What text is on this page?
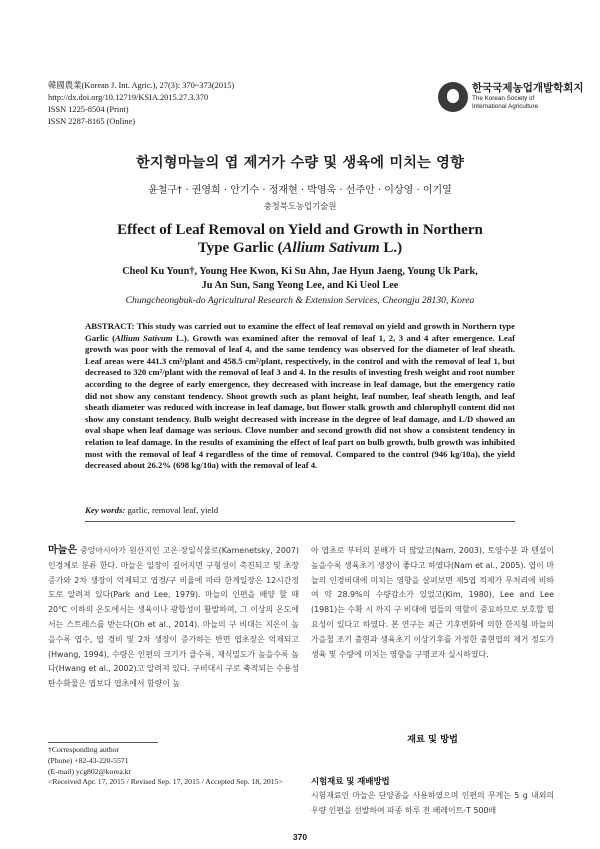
韓國農業(Korean J. Int. Agric.), 27(3): 370~373(2015)
http://dx.doi.org/10.12719/KSIA.2015.27.3.370
ISSN 1225-8504 (Print)
ISSN 2287-8165 (Online)
한국국제농업개발학회지
The Korean Society of International Agriculture
한지형마늘의 엽 제거가 수량 및 생육에 미치는 영향
윤철구† · 권영희 · 안기수 · 정재현 · 박영욱 · 선주안 · 이상영 · 이기열
충청북도농업기술원
Effect of Leaf Removal on Yield and Growth in Northern
Type Garlic (Allium Sativum L.)
Cheol Ku Youn†, Young Hee Kwon, Ki Su Ahn, Jae Hyun Jaeng, Young Uk Park,
Ju An Sun, Sang Yeong Lee, and Ki Ueol Lee
Chungcheongbuk-do Agricultural Research & Extension Services, Cheongju 28130, Korea
ABSTRACT: This study was carried out to examine the effect of leaf removal on yield and growth in Northern type Garlic (Allium Sativum L.). Growth was examined after the removal of leaf 1, 2, 3 and 4 after emergence. Leaf growth was poor with the removal of leaf 4, and the same tendency was observed for the diameter of leaf sheath. Leaf areas were 441.3 cm²/plant and 458.5 cm²/plant, respectively, in the control and with the removal of leaf 1, but decreased to 320 cm²/plant with the removal of leaf 3 and 4. In the results of investing fresh weight and root number according to the degree of early emergence, they decreased with increase in leaf damage, but the emergency ratio did not show any constant tendency. Shoot growth such as plant height, leaf number, leaf sheath length, and leaf sheath diameter was reduced with increase in leaf damage, but flower stalk growth and chlorophyll content did not show any constant tendency. Bulb weight decreased with increase in the degree of leaf damage, and L/D showed an oval shape when leaf damage was serious. Clove number and second growth did not show a consistent tendency in relation to leaf damage. In the results of examining the effect of leaf part on bulb growth, bulb growth was inhibited most with the removal of leaf 4 regardless of the time of removal. Compared to the control (946 kg/10a), the yield decreased about 26.2% (698 kg/10a) with the removal of leaf 4.
Key words: garlic, removal leaf, yield
마늘은 중앙아시아가 원산지인 고온·장일식물로(Kamenetsky, 2007) 인경체로 분류 한다. 마늘은 일장이 길어지면 구형성이 촉진되고 및 초장증가와 2차 생장이 억제되고 엽경/구 비율에 따라 한계일장은 12시간정도로 알려져 있다(Park and Lee, 1979). 마늘의 인편을 배양 할 때 20℃ 이하의 온도에서는 생육이나 광합성이 활발하며, 그 이상의 온도에서는 스트레스를 받는다(Oh et al., 2014). 마늘의 구 비대는 지온이 높을수록 엽수, 엽 경비 및 2차 생장이 증가하는 반면 엽초장은 억제되고(Hwang, 1994), 수량은 인편의 크기가 클수록, 재식밀도가 높을수록 높다(Hwang et al., 2002)고 알려져 있다. 구비대시 구로 축적되는 수용성 탄수화물은 엽보다 엽초에서 함량이 높
아 엽초로 부터의 분배가 더 많았고(Nam, 2003), 토양수분 과 텐셜이 높을수록 생육초기 생장이 좋다고 하였다(Nam et al., 2005). 엽이 마늘의 인경비대에 미치는 영향을 살펴보면 제5엽 적제가 무처리에 비하여 약 28.9%의 수량감소가 있었고(Kim, 1980), Lee and Lee (1981)는 수확 시 까지 구 비대에 엽들의 역할이 중요하므로 보호할 필요성이 있다고 하였다. 본 연구는 최근 기후변화에 의한 한지형 마늘의 가을철 조기 출현과 생육초기 이상기후를 가정한 출현엽의 제거 정도가 생육 및 수량에 미치는 영향을 구명코자 실시하였다.
재료 및 방법
시험재료 및 재배방법
시험재료인 마늘은 단양종을 사용하였으며 인편의 무게는 5 g 내외의 우량 인편을 선발하여 파종 하루 전 베레이트-T 500배
†Corresponding author
(Phone) +82-43-220-5571
(E-mail) ycg802@korea.kr
<Received Apr. 17, 2015 / Revised Sep. 17, 2015 / Accepted Sep. 18, 2015>
370
